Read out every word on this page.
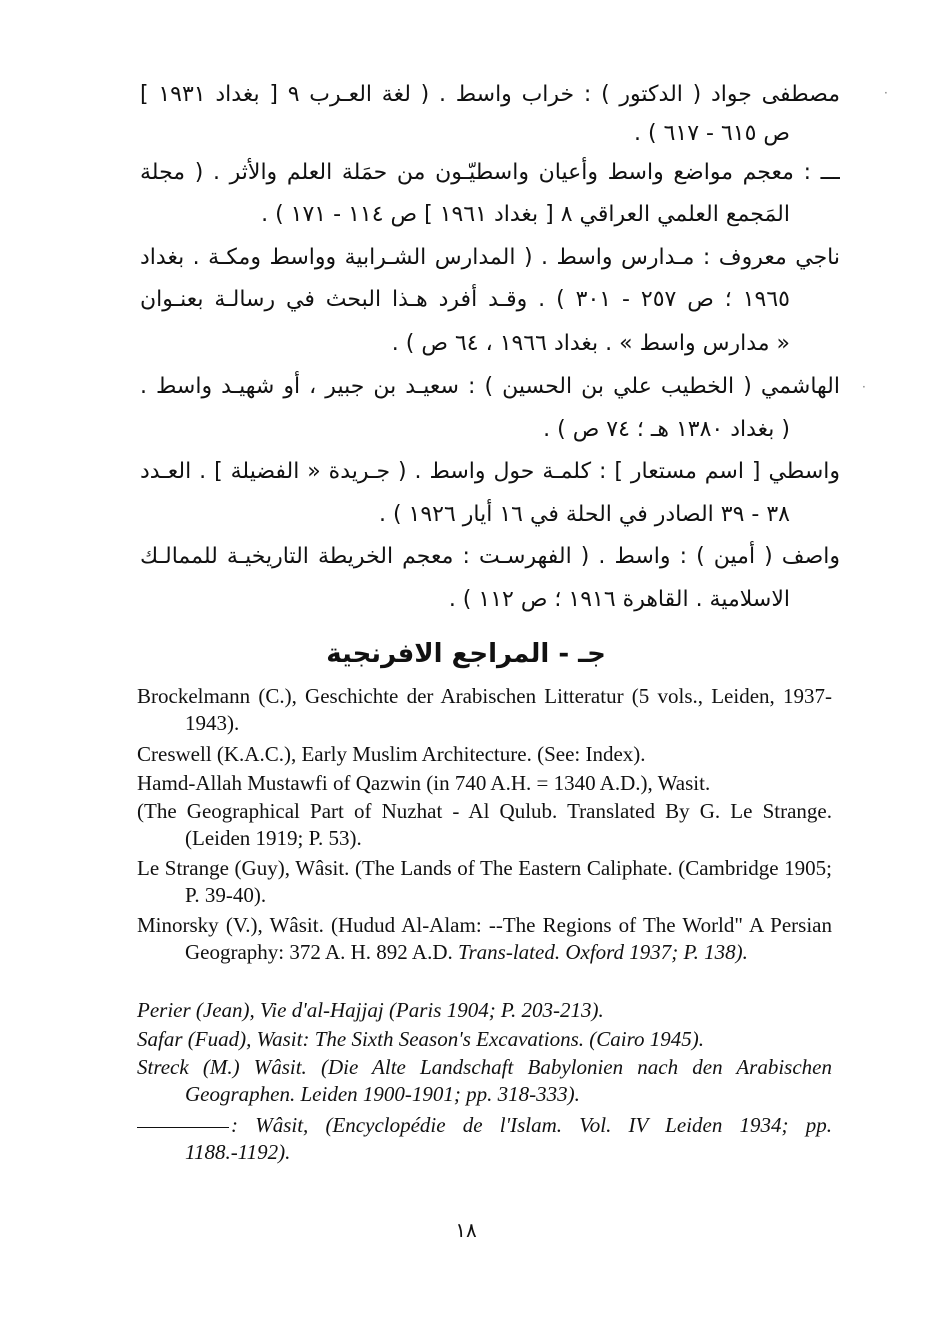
مصطفى جواد ( الدكتور ) : خراب واسط . ( لغة العـرب ٩ [ بغداد ١٩٣١ ]
ص ٦١٥ - ٦١٧ ) .
ـــ : معجم مواضع واسط وأعيان واسطيّـون من حمَلة العلم والأثر . ( مجلة
المَجمع العلمي العراقي ٨ [ بغداد ١٩٦١ ] ص ١١٤ - ١٧١ ) .
ناجي معروف : مـدارس واسط . ( المدارس الشـرابية وواسط ومكـة . بغداد
١٩٦٥ ؛ ص ٢٥٧ - ٣٠١ ) . وقـد أفرد هـذا البحث في رسالـة بعنـوان
« مدارس واسط » . بغداد ١٩٦٦ ، ٦٤ ص ) .
الهاشمي ( الخطيب علي بن الحسين ) : سعيـد بن جبير ، أو شهيـد واسط .
( بغداد ١٣٨٠ هـ ؛ ٧٤ ص ) .
واسطي [ اسم مستعار ] : كلمـة حول واسط . ( جـريدة « الفضيلة ] . العـدد
٣٨ - ٣٩ الصادر في الحلة في ١٦ أيار ١٩٢٦ ) .
واصف ( أمين ) : واسط . ( الفهرسـت : معجم الخريطة التاريخيـة للممالـك
الاسلامية . القاهرة ١٩١٦ ؛ ص ١١٢ ) .
جـ - المراجع الافرنجية
Brockelmann (C.), Geschichte der Arabischen Litteratur (5 vols., Leiden, 1937-1943).
Creswell (K.A.C.), Early Muslim Architecture. (See: Index).
Hamd-Allah Mustawfi of Qazwin (in 740 A.H. = 1340 A.D.), Wasit.
(The Geographical Part of Nuzhat - Al Qulub. Translated By G. Le Strange. (Leiden 1919; P. 53).
Le Strange (Guy), Wâsit. (The Lands of The Eastern Caliphate. (Cambridge 1905; P. 39-40).
Minorsky (V.), Wâsit. (Hudud Al-Alam: --The Regions of The World" A Persian Geography: 372 A. H. 892 A.D. Trans-lated. Oxford 1937; P. 138).
Perier (Jean), Vie d'al-Hajjaj (Paris 1904; P. 203-213).
Safar (Fuad), Wasit: The Sixth Season's Excavations. (Cairo 1945).
Streck (M.) Wâsit. (Die Alte Landschaft Babylonien nach den Arabischen Geographen. Leiden 1900-1901; pp. 318-333).
: Wâsit, (Encyclopédie de l'Islam. Vol. IV Leiden 1934; pp. 1188.-1192).
١٨
·
·
